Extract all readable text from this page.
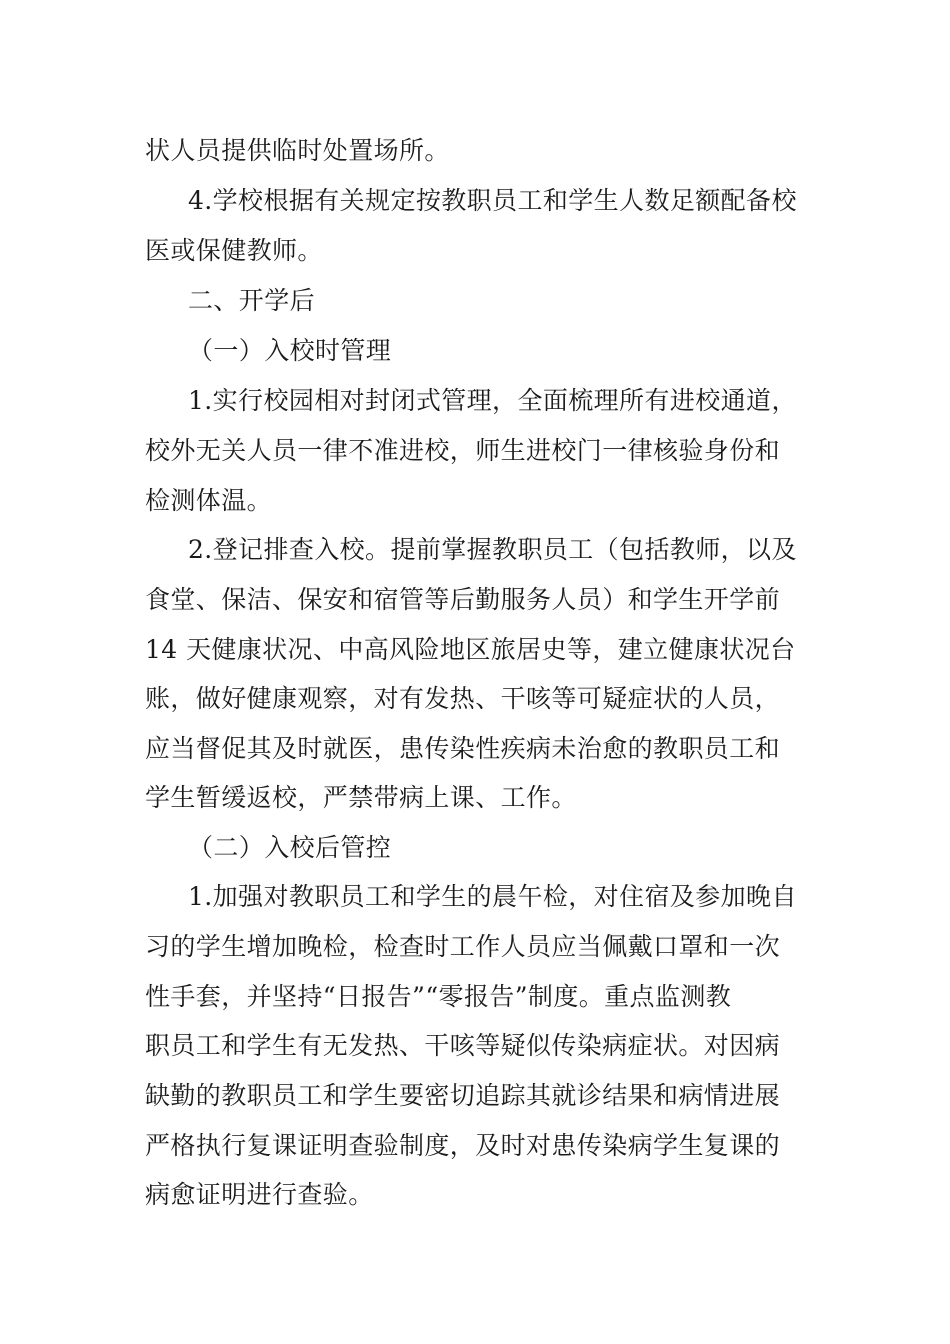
状人员提供临时处置场所。

4.学校根据有关规定按教职员工和学生人数足额配备校

医或保健教师。

二、开学后

（一）入校时管理

1.实行校园相对封闭式管理，全面梳理所有进校通道，

校外无关人员一律不准进校，师生进校门一律核验身份和

检测体温。

2.登记排查入校。提前掌握教职员工（包括教师，以及

食堂、保洁、保安和宿管等后勤服务人员）和学生开学前

14 天健康状况、中高风险地区旅居史等，建立健康状况台

账，做好健康观察，对有发热、干咳等可疑症状的人员，

应当督促其及时就医，患传染性疾病未治愈的教职员工和

学生暂缓返校，严禁带病上课、工作。

（二）入校后管控

1.加强对教职员工和学生的晨午检，对住宿及参加晚自

习的学生增加晚检，检查时工作人员应当佩戴口罩和一次

性手套，并坚持“日报告”“零报告”制度。重点监测教

职员工和学生有无发热、干咳等疑似传染病症状。对因病

缺勤的教职员工和学生要密切追踪其就诊结果和病情进展

严格执行复课证明查验制度，及时对患传染病学生复课的

病愈证明进行查验。
